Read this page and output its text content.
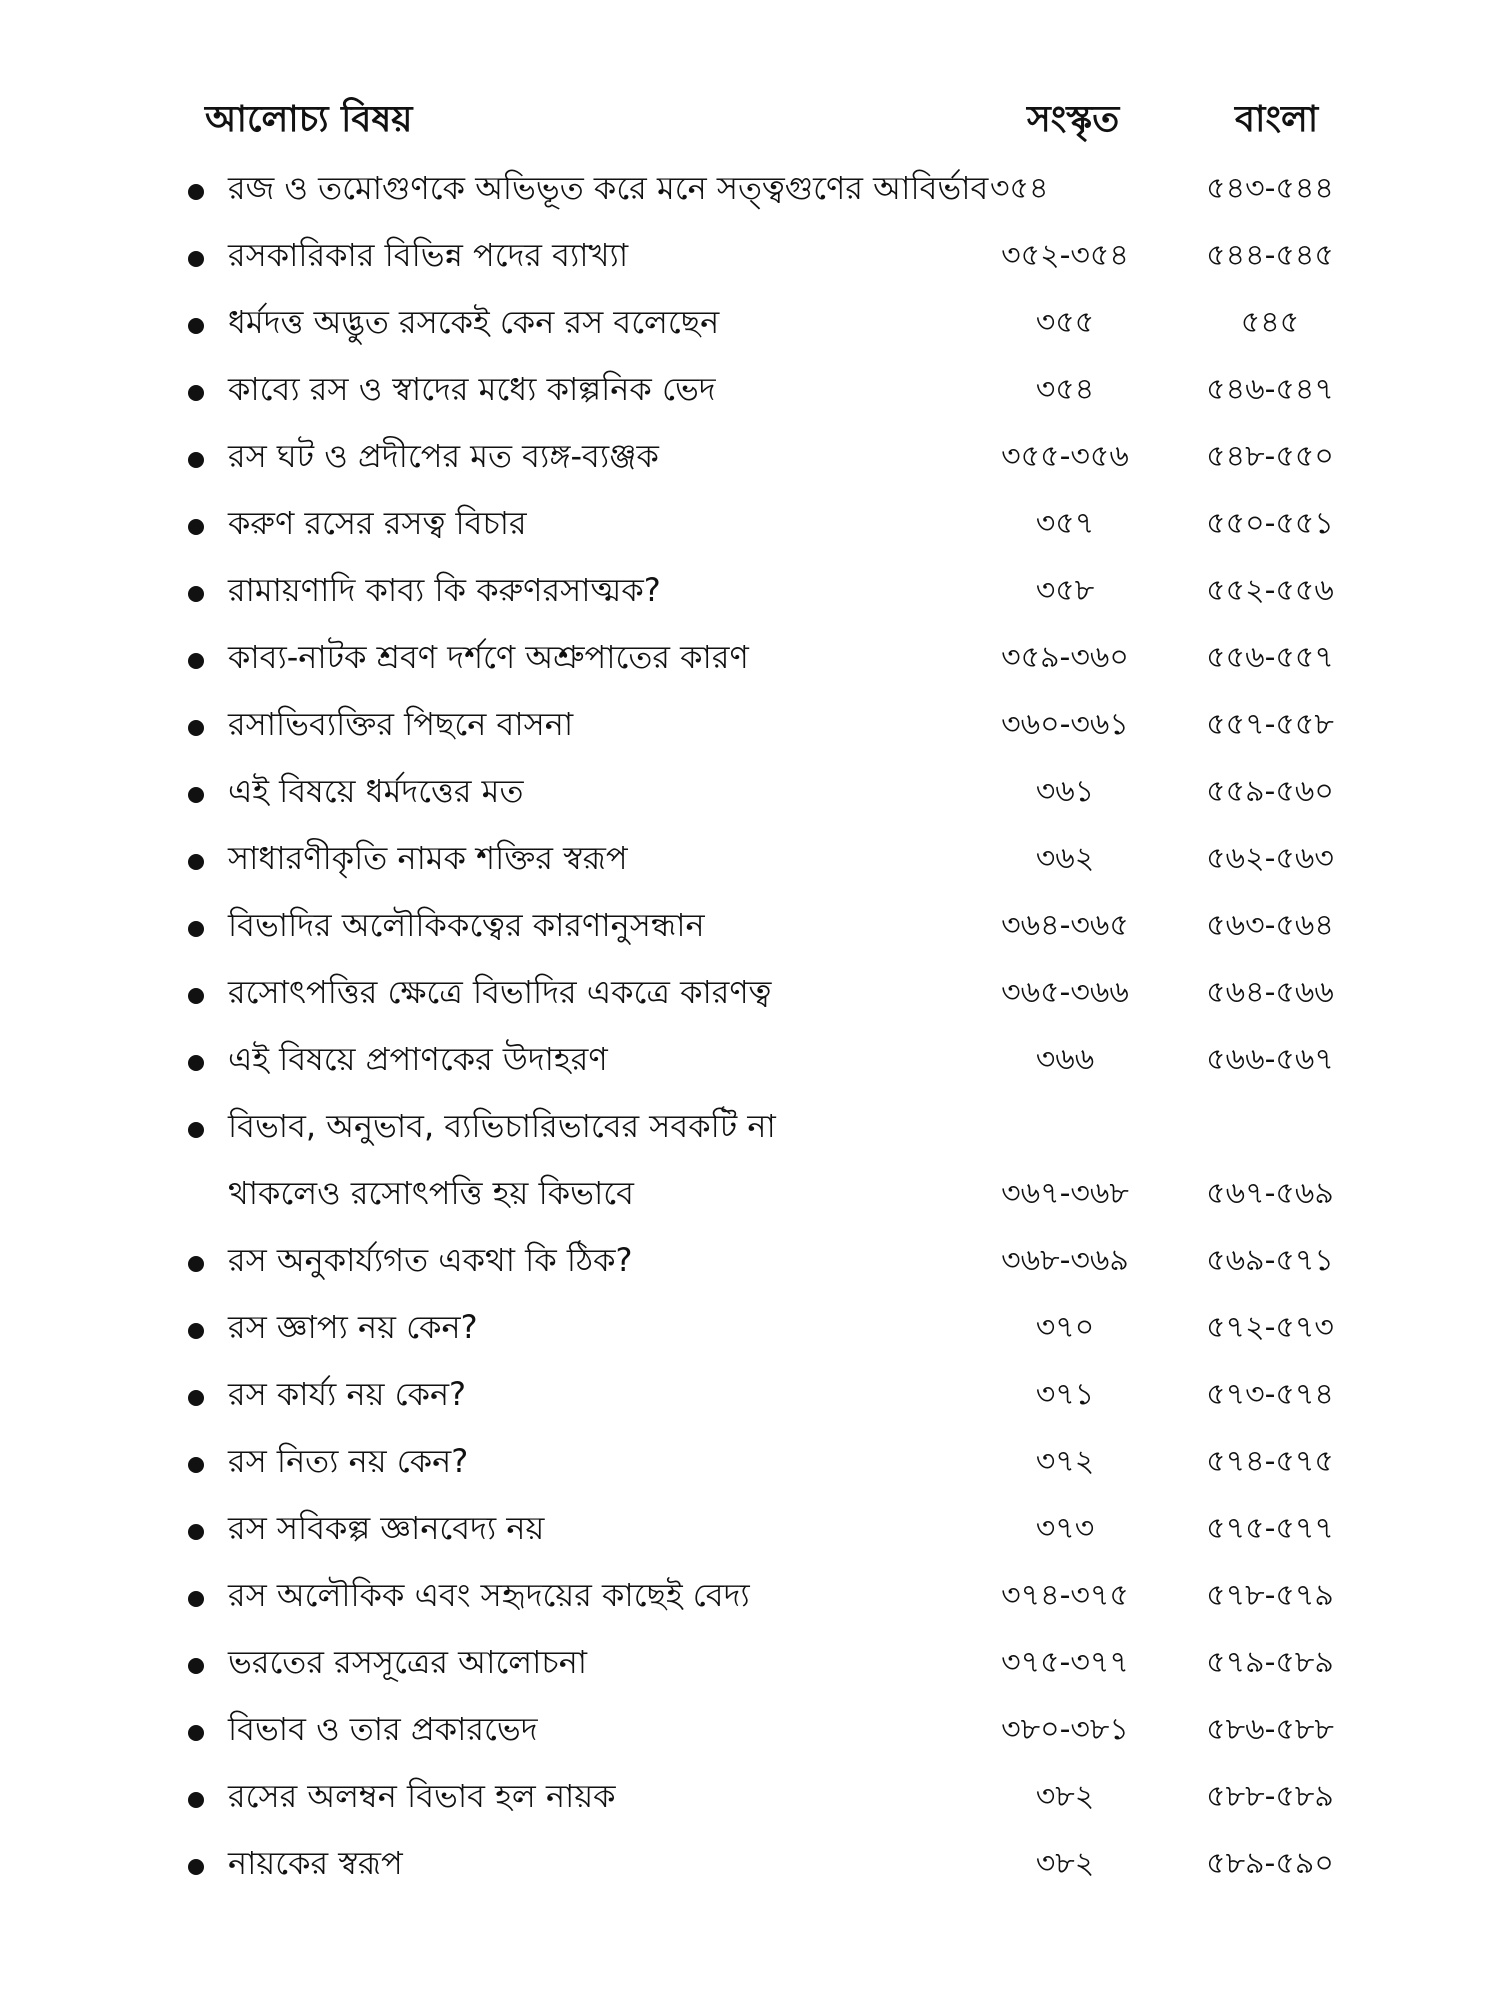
আলোচ্য বিষয়	সংস্কৃত	বাংলা
রজ ও তমোগুণকে অভিভূত করে মনে সত্ত্বগুণের আবির্ভাব ৩৫৪	৫৪৩-৫৪৪
রসকারিকার বিভিন্ন পদের ব্যাখ্যা	৩৫২-৩৫৪	৫৪৪-৫৪৫
ধর্মদত্ত অদ্ভুত রসকেই কেন রস বলেছেন	৩৫৫	৫৪৫
কাব্যে রস ও স্বাদের মধ্যে কাল্পনিক ভেদ	৩৫৪	৫৪৬-৫৪৭
রস ঘট ও প্রদীপের মত ব্যঙ্গ-ব্যঞ্জক	৩৫৫-৩৫৬	৫৪৮-৫৫০
করুণ রসের রসত্ব বিচার	৩৫৭	৫৫০-৫৫১
রামায়ণাদি কাব্য কি করুণরসাত্মক?	৩৫৮	৫৫২-৫৫৬
কাব্য-নাটক শ্রবণ দর্শণে অশ্রুপাতের কারণ	৩৫৯-৩৬০	৫৫৬-৫৫৭
রসাভিব্যক্তির পিছনে বাসনা	৩৬০-৩৬১	৫৫৭-৫৫৮
এই বিষয়ে ধর্মদত্তের মত	৩৬১	৫৫৯-৫৬০
সাধারণীকৃতি নামক শক্তির স্বরূপ	৩৬২	৫৬২-৫৬৩
বিভাদির অলৌকিকত্বের কারণানুসন্ধান	৩৬৪-৩৬৫	৫৬৩-৫৬৪
রসোৎপত্তির ক্ষেত্রে বিভাদির একত্রে কারণত্ব	৩৬৫-৩৬৬	৫৬৪-৫৬৬
এই বিষয়ে প্রপাণকের উদাহরণ	৩৬৬	৫৬৬-৫৬৭
বিভাব, অনুভাব, ব্যভিচারিভাবের সবকটি না
থাকলেও রসোৎপত্তি হয় কিভাবে	৩৬৭-৩৬৮	৫৬৭-৫৬৯
রস অনুকার্য্যগত একথা কি ঠিক?	৩৬৮-৩৬৯	৫৬৯-৫৭১
রস জ্ঞাপ্য নয় কেন?	৩৭০	৫৭২-৫৭৩
রস কার্য্য নয় কেন?	৩৭১	৫৭৩-৫৭৪
রস নিত্য নয় কেন?	৩৭২	৫৭৪-৫৭৫
রস সবিকল্প জ্ঞানবেদ্য নয়	৩৭৩	৫৭৫-৫৭৭
রস অলৌকিক এবং সহৃদয়ের কাছেই বেদ্য	৩৭৪-৩৭৫	৫৭৮-৫৭৯
ভরতের রসসূত্রের আলোচনা	৩৭৫-৩৭৭	৫৭৯-৫৮৯
বিভাব ও তার প্রকারভেদ	৩৮০-৩৮১	৫৮৬-৫৮৮
রসের অলম্বন বিভাব হল নায়ক	৩৮২	৫৮৮-৫৮৯
নায়কের স্বরূপ	৩৮২	৫৮৯-৫৯০
